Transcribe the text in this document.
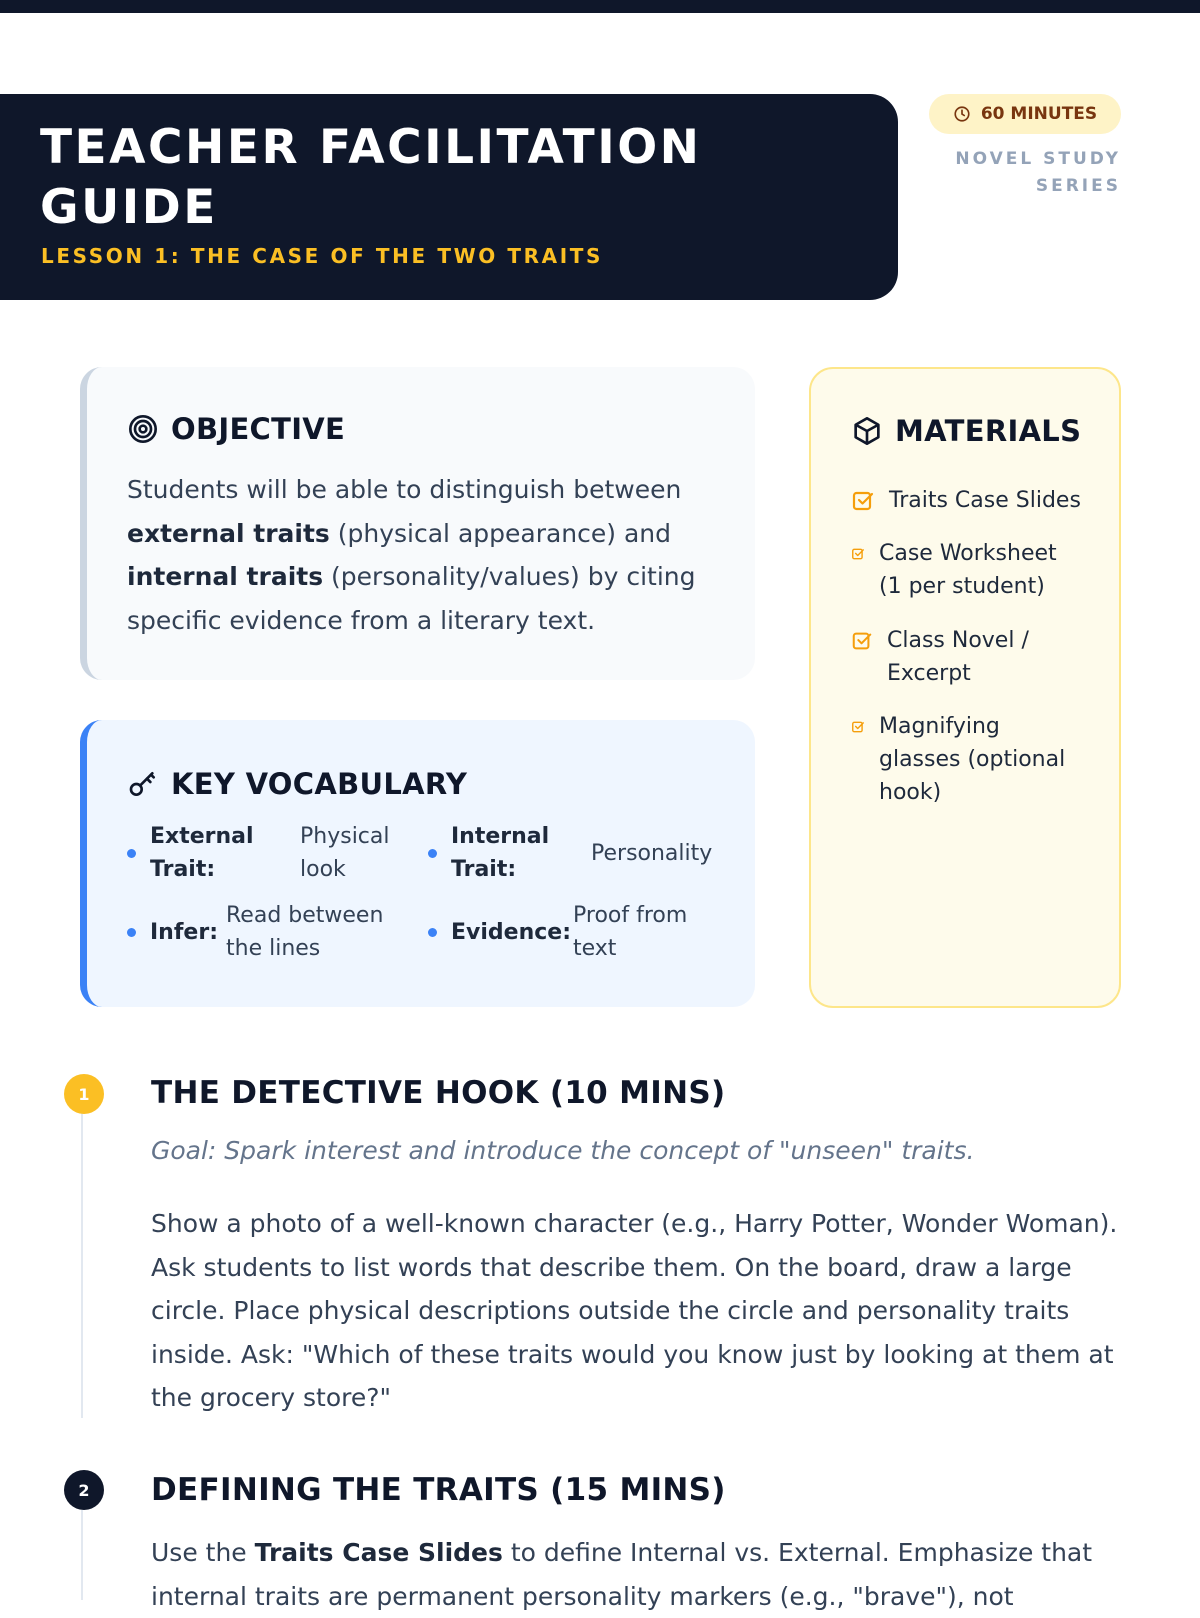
TEACHER FACILITATION GUIDE
LESSON 1: THE CASE OF THE TWO TRAITS
60 MINUTES
NOVEL STUDY SERIES
OBJECTIVE
Students will be able to distinguish between external traits (physical appearance) and internal traits (personality/values) by citing specific evidence from a literary text.
KEY VOCABULARY
External Trait:
Physical look
Internal Trait:
Personality
Infer:
Read between the lines
Evidence:
Proof from text
MATERIALS
Traits Case Slides
Case Worksheet (1 per student)
Class Novel / Excerpt
Magnifying glasses (optional hook)
1	THE DETECTIVE HOOK (10 MINS)
Goal: Spark interest and introduce the concept of "unseen" traits.
Show a photo of a well-known character (e.g., Harry Potter, Wonder Woman). Ask students to list words that describe them. On the board, draw a large circle. Place physical descriptions outside the circle and personality traits inside. Ask: "Which of these traits would you know just by looking at them at the grocery store?"
2	DEFINING THE TRAITS (15 MINS)
Use the Traits Case Slides to define Internal vs. External. Emphasize that internal traits are permanent personality markers (e.g., "brave"), not
